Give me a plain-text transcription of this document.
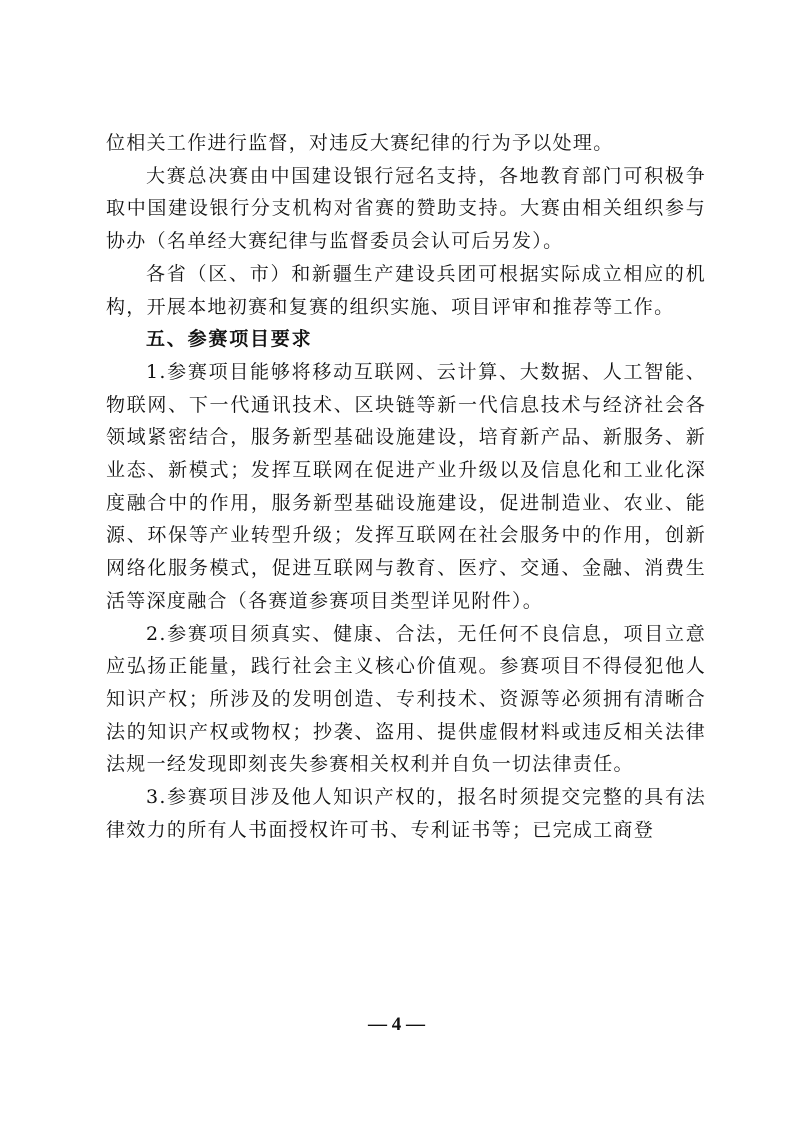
位相关工作进行监督，对违反大赛纪律的行为予以处理。

大赛总决赛由中国建设银行冠名支持，各地教育部门可积极争取中国建设银行分支机构对省赛的赞助支持。大赛由相关组织参与协办（名单经大赛纪律与监督委员会认可后另发）。

各省（区、市）和新疆生产建设兵团可根据实际成立相应的机构，开展本地初赛和复赛的组织实施、项目评审和推荐等工作。

五、参赛项目要求

1.参赛项目能够将移动互联网、云计算、大数据、人工智能、物联网、下一代通讯技术、区块链等新一代信息技术与经济社会各领域紧密结合，服务新型基础设施建设，培育新产品、新服务、新业态、新模式；发挥互联网在促进产业升级以及信息化和工业化深度融合中的作用，服务新型基础设施建设，促进制造业、农业、能源、环保等产业转型升级；发挥互联网在社会服务中的作用，创新网络化服务模式，促进互联网与教育、医疗、交通、金融、消费生活等深度融合（各赛道参赛项目类型详见附件）。

2.参赛项目须真实、健康、合法，无任何不良信息，项目立意应弘扬正能量，践行社会主义核心价值观。参赛项目不得侵犯他人知识产权；所涉及的发明创造、专利技术、资源等必须拥有清晰合法的知识产权或物权；抄袭、盗用、提供虚假材料或违反相关法律法规一经发现即刻丧失参赛相关权利并自负一切法律责任。

3.参赛项目涉及他人知识产权的，报名时须提交完整的具有法律效力的所有人书面授权许可书、专利证书等；已完成工商登

— 4 —
